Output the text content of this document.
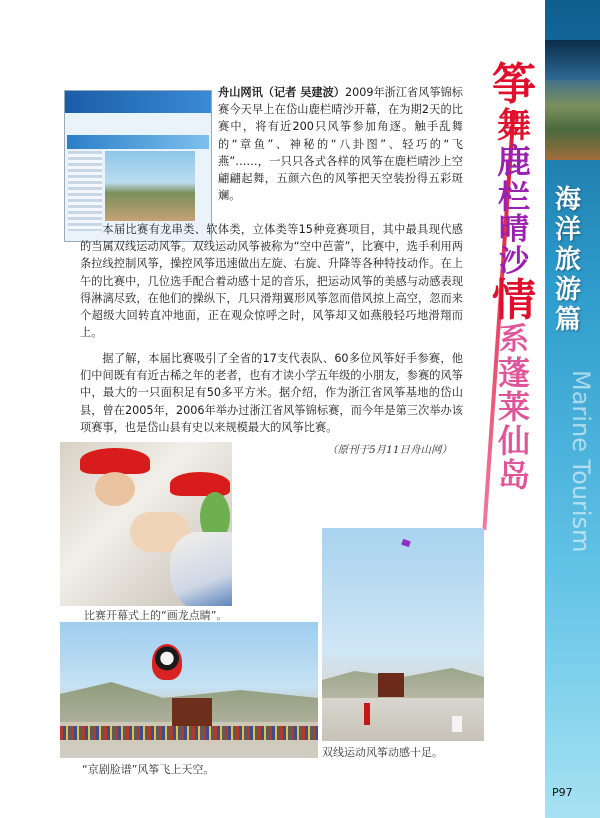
海
洋
旅
游
篇
Marine Tourism
筝
舞
鹿
栏
晴
沙
情
系
蓬
莱
仙
岛
舟山网讯（记者 吴建波）2009年浙江省风筝锦标赛今天早上在岱山鹿栏晴沙开幕，在为期2天的比赛中，将有近200只风筝参加角逐。触手乱舞的“章鱼”、神秘的“八卦图”、轻巧的“飞燕”……，一只只各式各样的风筝在鹿栏晴沙上空翩翩起舞，五颜六色的风筝把天空装扮得五彩斑斓。
本届比赛有龙串类、软体类，立体类等15种竞赛项目，其中最具现代感的当属双线运动风筝。双线运动风筝被称为“空中芭蕾”，比赛中，选手利用两条拉线控制风筝，操控风筝迅速做出左旋、右旋、升降等各种特技动作。在上午的比赛中，几位选手配合着动感十足的音乐，把运动风筝的美感与动感表现得淋漓尽致，在他们的操纵下，几只滑翔翼形风筝忽而借风掠上高空，忽而来个超级大回转直冲地面，正在观众惊呼之时，风筝却又如燕般轻巧地滑翔而上。
据了解，本届比赛吸引了全省的17支代表队、60多位风筝好手参赛，他们中间既有有近古稀之年的老者，也有才读小学五年级的小朋友，参赛的风筝中，最大的一只面积足有50多平方米。据介绍，作为浙江省风筝基地的岱山县，曾在2005年，2006年举办过浙江省风筝锦标赛，而今年是第三次举办该项赛事，也是岱山县有史以来规模最大的风筝比赛。
（原刊于5月11日舟山网）
比赛开幕式上的“画龙点睛”。
双线运动风筝动感十足。
“京剧脸谱”风筝飞上天空。
P97
